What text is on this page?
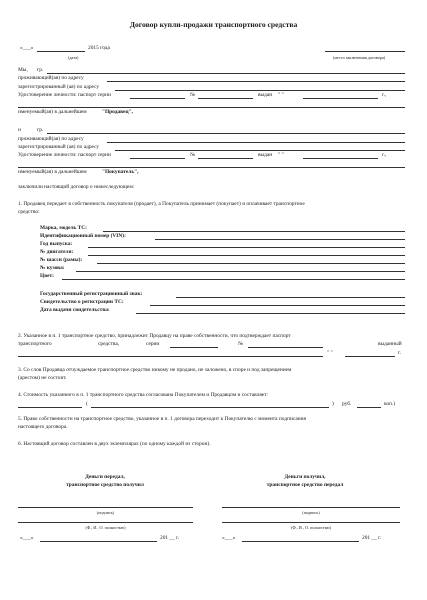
Договор купли-продажи транспортного средства
«___»	2015 года
(дата)	(место заключения договора)
Мы, гр.
проживающий(ая) по адресу
зарегистрированный (ая) по адресу
Удостоверение личности: паспорт серии	№	выдан " "	г.,
именуемый(ая) в дальнейшем	"Продавец",
и	гр.
проживающий(ая) по адресу
зарегистрированный (ая) по адресу
Удостоверение личности: паспорт серии	№	выдан " "	г.,
именуемый(ая) в дальнейшем	"Покупатель",
заключили настоящий договор о нижеследующем:
1. Продавец передает в собственность покупателя (продает), а Покупатель принимает (покупает) и оплачивает транспортное
средство:
Марка, модель ТС:
Идентификационный номер (VIN):
Год выпуска:
№ двигателя:
№ шасси (рамы):
№ кузова:
Цвет:
Государственный регистрационный знак:
Свидетельство о регистрации ТС:
Дата выдачи свидетельства:
2. Указанное в п. 1 транспортное средство, принадлежит Продавцу на праве собственности, что подтверждает паспорт
транспортного	средства,	серии	№	выданный
" "	г.
3. Со слов Продавца отчуждаемое транспортное средство никому не продано, не заложено, в споре и под запрещением
(арестом) не состоит.
4. Стоимость указанного в п. 1 транспортного средства согласована Покупателем и Продавцом и составляет:
(	) руб.	коп.)
5. Право собственности на транспортное средство, указанное в п. 1 договора переходит к Покупателю с момента подписания
настоящего договора.
6. Настоящий договор составлен в двух экземплярах (по одному каждой из сторон).
Деньги передал,
транспортное средство получил
Деньги получил,
транспортное средство передал
(подпись)
(Ф., И., О. полностью)
«___»	201 __ г.
(подпись)
(Ф., И., О. полностью)
«___»	201 __ г.
